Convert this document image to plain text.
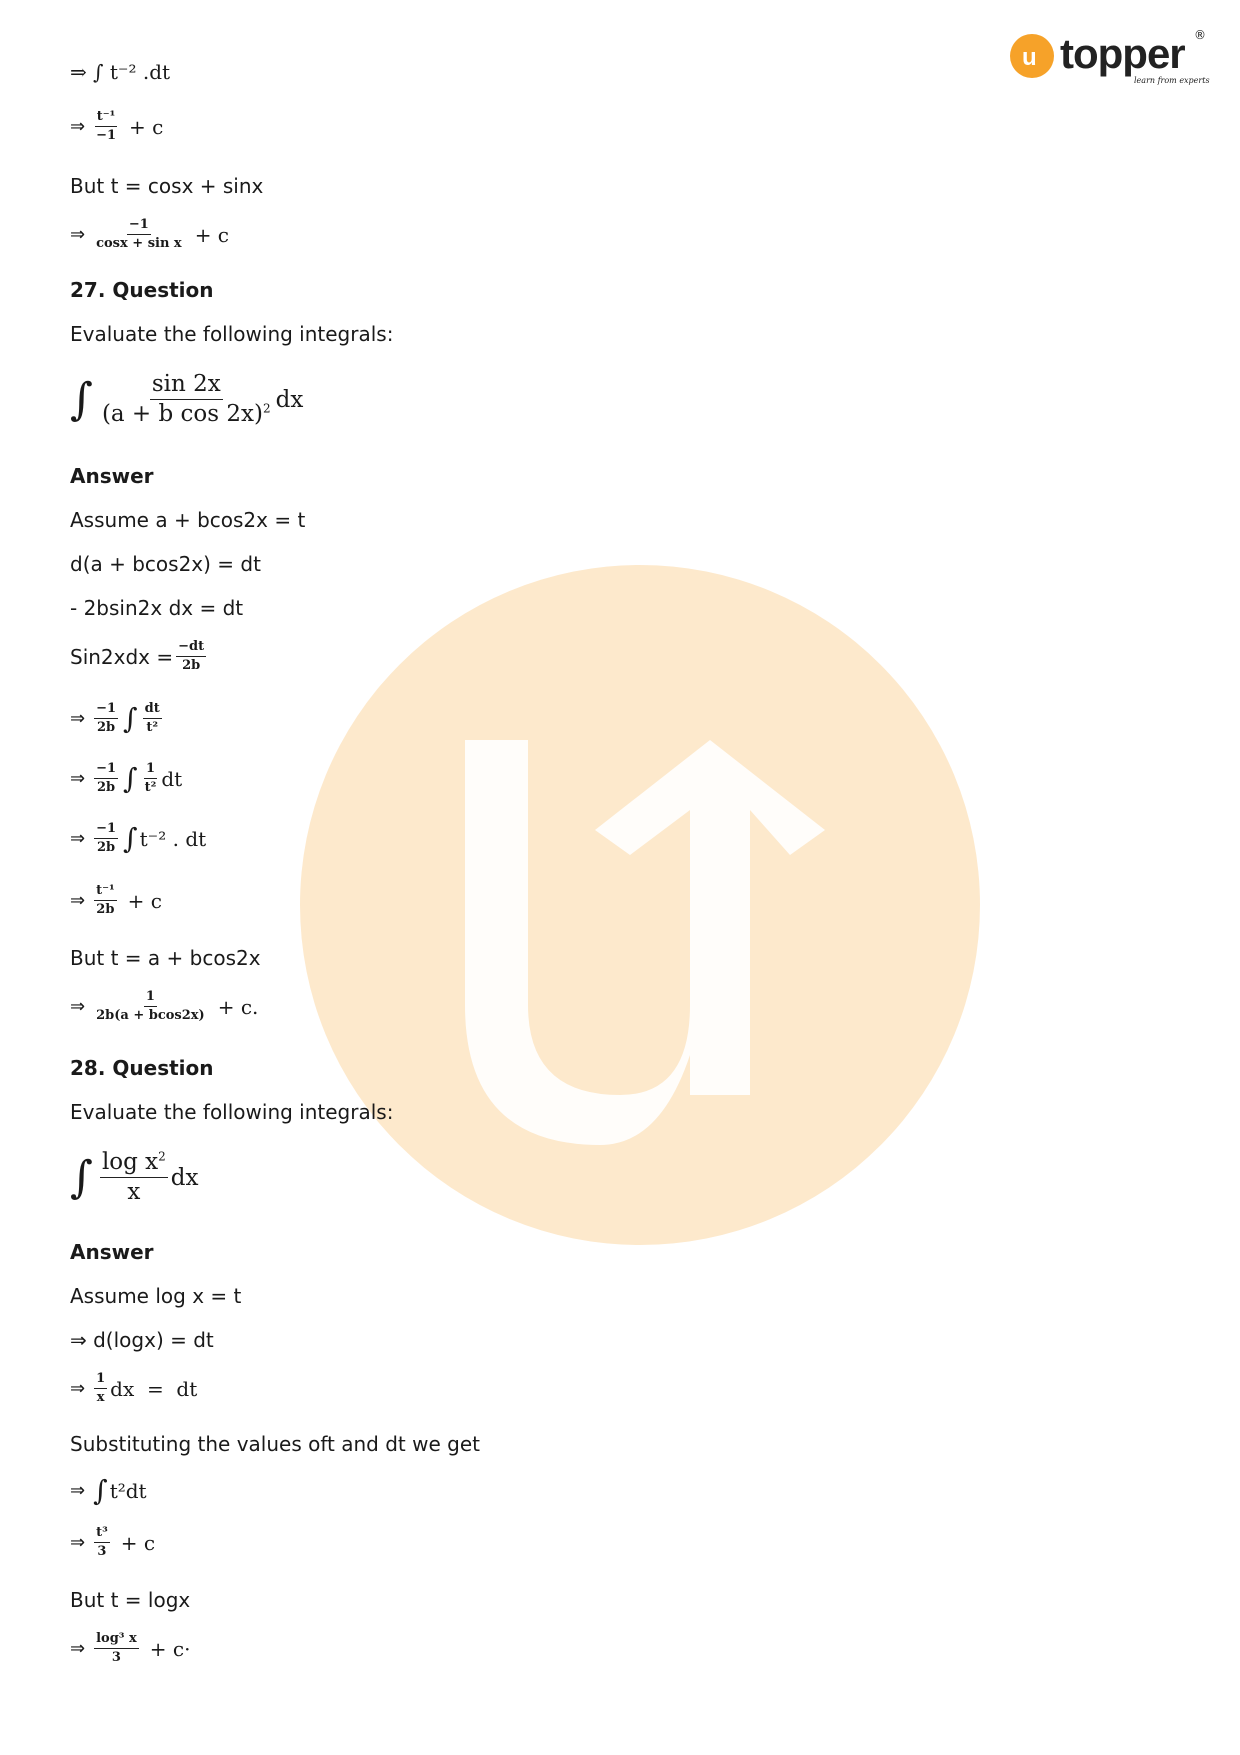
u topper ®
learn from experts
⇒ ∫ t⁻² .dt
⇒ $\frac{\text{t⁻¹}}{-1} + c$
But t = cosx + sinx
⇒ $\frac{-1}{\text{cosx + sin x}} + c$
27. Question
Evaluate the following integrals:
∫ $\frac{\sin 2x}{(a + b \cos 2x)^2}$ dx
Answer
Assume a + bcos2x = t
d(a + bcos2x) = dt
- 2bsin2x dx = dt
$Sin2xdx = \frac{-dt}{2b}$
⇒ $\frac{-1}{2b}$ ∫ $\frac{dt}{\text{t²}}$
⇒ $\frac{-1}{2b}$ ∫ $\frac{1}{\text{t²}}$ dt
⇒ $\frac{-1}{2b}$ ∫ t⁻² . dt
⇒ $\frac{\text{t⁻¹}}{2b} + c$
But t = a + bcos2x
⇒ $\frac{1}{2b(a + bcos2x)} + c$.
28. Question
Evaluate the following integrals:
∫ $\frac{\log x^2}{x}$ dx
Answer
Assume log x = t
⇒ d(logx) = dt
⇒ $\frac{1}{x}$ dx  =  dt
Substituting the values oft and dt we get
⇒ ∫ t²dt
⇒ $\frac{\text{t³}}{3} + c$
But t = logx
⇒ $\frac{\text{log³ x}}{3} + c\cdot$
